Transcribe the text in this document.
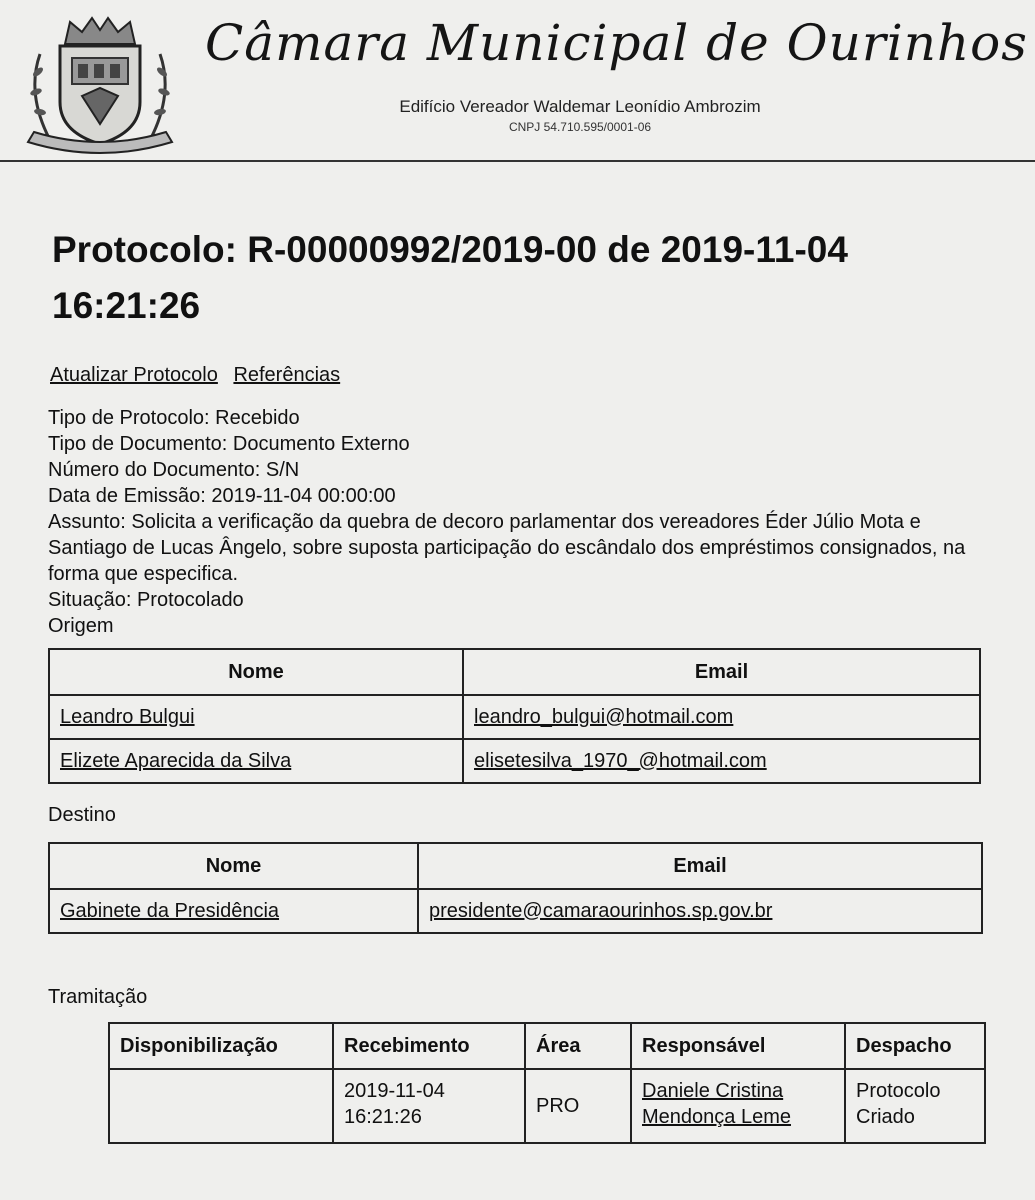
Câmara Municipal de Ourinhos
Edifício Vereador Waldemar Leonídio Ambrozim
CNPJ 54.710.595/0001-06
Protocolo: R-00000992/2019-00 de 2019-11-04 16:21:26
Atualizar Protocolo Referências
Tipo de Protocolo: Recebido
Tipo de Documento: Documento Externo
Número do Documento: S/N
Data de Emissão: 2019-11-04 00:00:00
Assunto: Solicita a verificação da quebra de decoro parlamentar dos vereadores Éder Júlio Mota e Santiago de Lucas Ângelo, sobre suposta participação do escândalo dos empréstimos consignados, na forma que especifica.
Situação: Protocolado
Origem
Nome	Email
Leandro Bulgui	leandro_bulgui@hotmail.com
Elizete Aparecida da Silva	elisetesilva_1970_@hotmail.com
Destino
Nome	Email
Gabinete da Presidência	presidente@camaraourinhos.sp.gov.br
Tramitação
Disponibilização	Recebimento	Área	Responsável	Despacho
	2019-11-04 16:21:26	PRO	Daniele Cristina Mendonça Leme	Protocolo Criado
